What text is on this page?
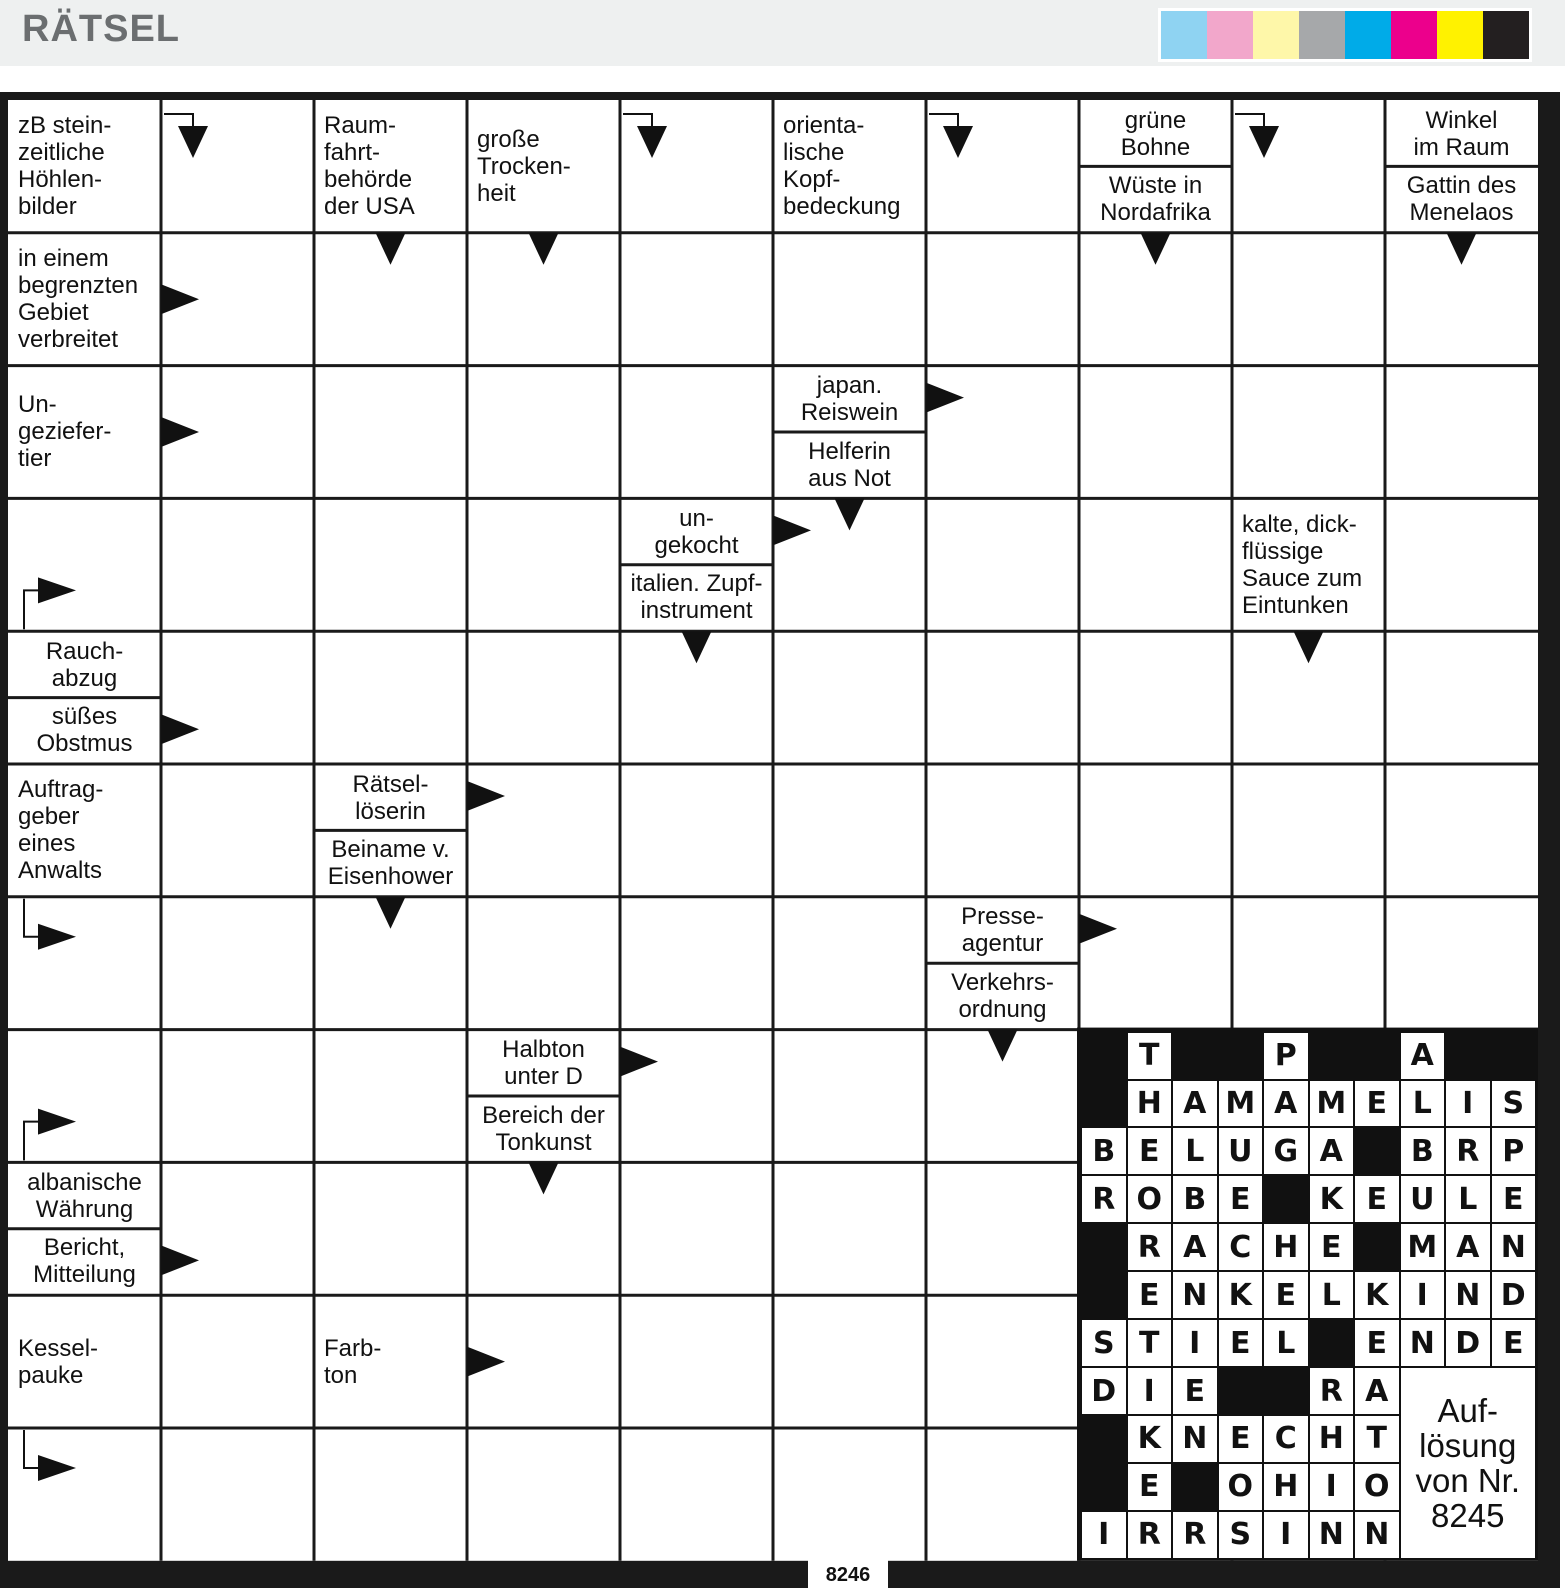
RÄTSEL
zB stein-
zeitliche
Höhlen-
bilder
Raum-
fahrt-
behörde
der USA
große
Trocken-
heit
orienta-
lische
Kopf-
bedeckung
grüne
Bohne
Wüste in
Nordafrika
Winkel
im Raum
Gattin des
Menelaos
in einem
begrenzten
Gebiet
verbreitet
Un-
geziefer-
tier
japan.
Reiswein
Helferin
aus Not
un-
gekocht
italien. Zupf-
instrument
kalte, dick-
flüssige
Sauce zum
Eintunken
Rauch-
abzug
süßes
Obstmus
Auftrag-
geber
eines
Anwalts
Rätsel-
löserin
Beiname v.
Eisenhower
Presse-
agentur
Verkehrs-
ordnung
Halbton
unter D
Bereich der
Tonkunst
albanische
Währung
Bericht,
Mitteilung
Kessel-
pauke
Farb-
ton
T	P	A
H A M A M E L	I S
B E L U G A	B R P
R O B E	K E U L E
R A C H E	M A N
E N K E L K I N D
S T I E L	E N D E
D I E	R A
K N E C H T
E	O H I O
I R R S I N N
Auf-
lösung
von Nr.
8245
8246
